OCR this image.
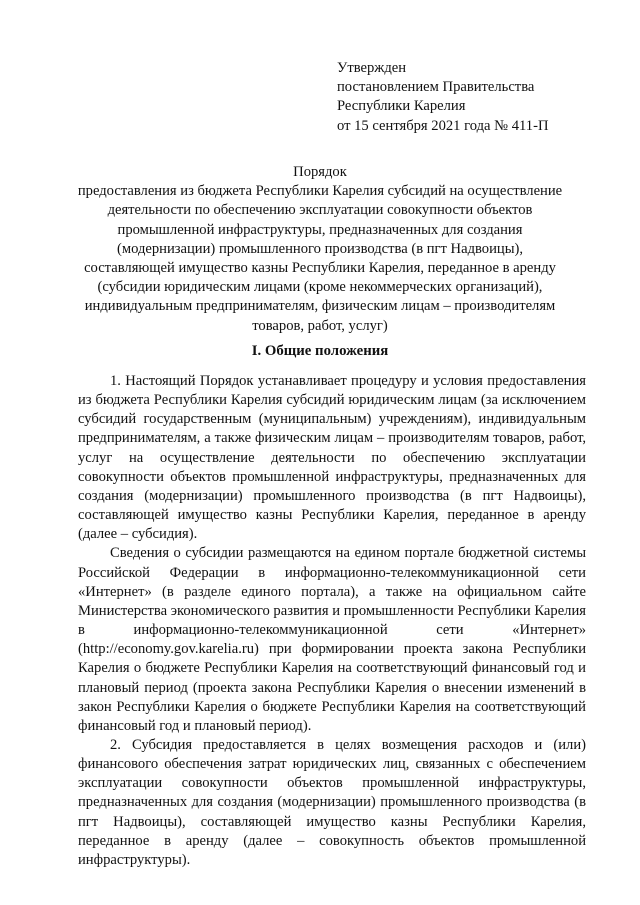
Утвержден
постановлением Правительства
Республики Карелия
от 15 сентября 2021 года № 411-П
Порядок
предоставления из бюджета Республики Карелия субсидий на осуществление
деятельности по обеспечению эксплуатации совокупности объектов
промышленной инфраструктуры, предназначенных для создания
(модернизации) промышленного производства (в пгт Надвоицы),
составляющей имущество казны Республики Карелия, переданное в аренду
(субсидии юридическим лицами (кроме некоммерческих организаций),
индивидуальным предпринимателям, физическим лицам – производителям
товаров, работ, услуг)
I. Общие положения

1. Настоящий Порядок устанавливает процедуру и условия предоставления из бюджета Республики Карелия субсидий юридическим лицам (за исключением субсидий государственным (муниципальным) учреждениям), индивидуальным предпринимателям, а также физическим лицам – производителям товаров, работ, услуг на осуществление деятельности по обеспечению эксплуатации совокупности объектов промышленной инфраструктуры, предназначенных для создания (модернизации) промышленного производства (в пгт Надвоицы), составляющей имущество казны Республики Карелия, переданное в аренду (далее – субсидия).

Сведения о субсидии размещаются на едином портале бюджетной системы Российской Федерации в информационно-телекоммуникационной сети «Интернет» (в разделе единого портала), а также на официальном сайте Министерства экономического развития и промышленности Республики Карелия в информационно-телекоммуникационной сети «Интернет» (http://economy.gov.karelia.ru) при формировании проекта закона Республики Карелия о бюджете Республики Карелия на соответствующий финансовый год и плановый период (проекта закона Республики Карелия о внесении изменений в закон Республики Карелия о бюджете Республики Карелия на соответствующий финансовый год и плановый период).

2. Субсидия предоставляется в целях возмещения расходов и (или) финансового обеспечения затрат юридических лиц, связанных с обеспечением эксплуатации совокупности объектов промышленной инфраструктуры, предназначенных для создания (модернизации) промышленного производства (в пгт Надвоицы), составляющей имущество казны Республики Карелия, переданное в аренду (далее – совокупность объектов промышленной инфраструктуры).
